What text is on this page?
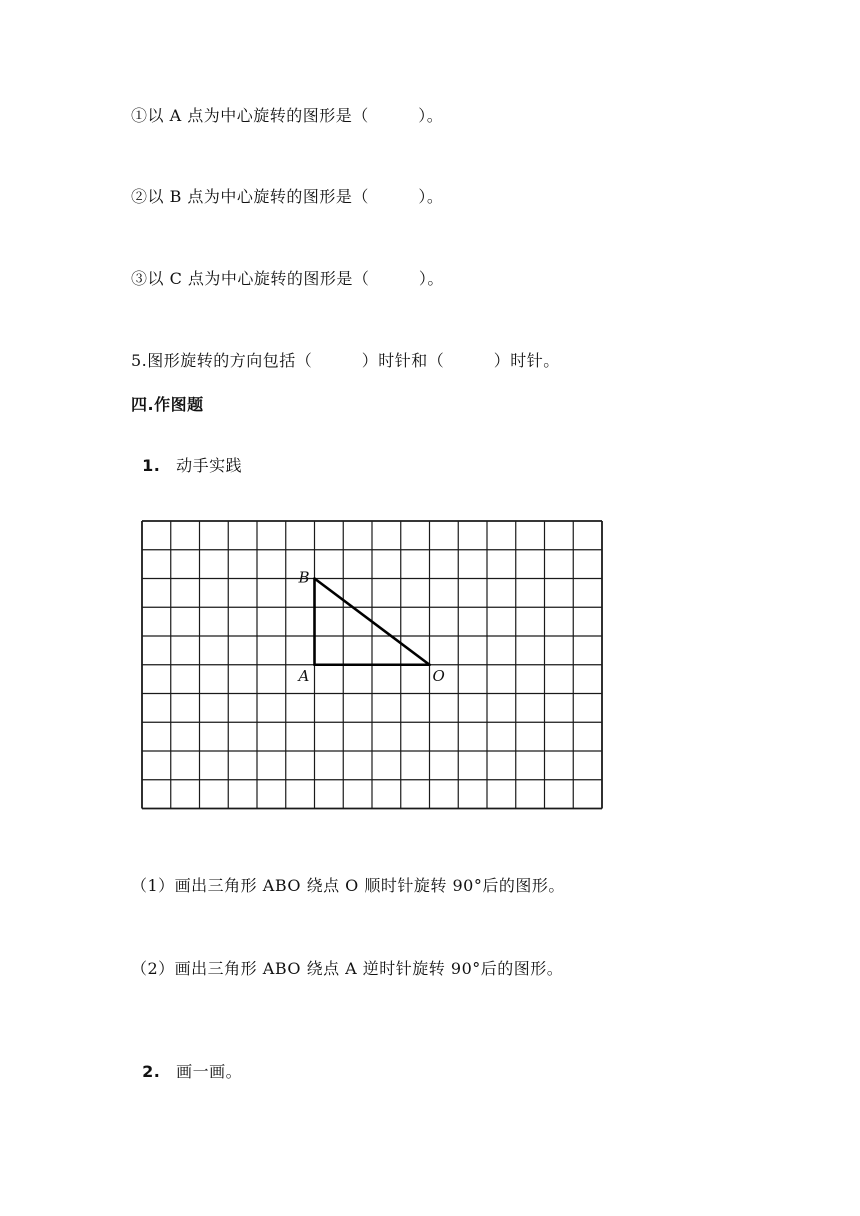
①以 A 点为中心旋转的图形是（　　　）。
②以 B 点为中心旋转的图形是（　　　）。
③以 C 点为中心旋转的图形是（　　　）。
5.图形旋转的方向包括（　　　）时针和（　　　）时针。
四.作图题

1. 动手实践

B
A	O
（1）画出三角形 ABO 绕点 O 顺时针旋转 90°后的图形。
（2）画出三角形 ABO 绕点 A 逆时针旋转 90°后的图形。

2. 画一画。
